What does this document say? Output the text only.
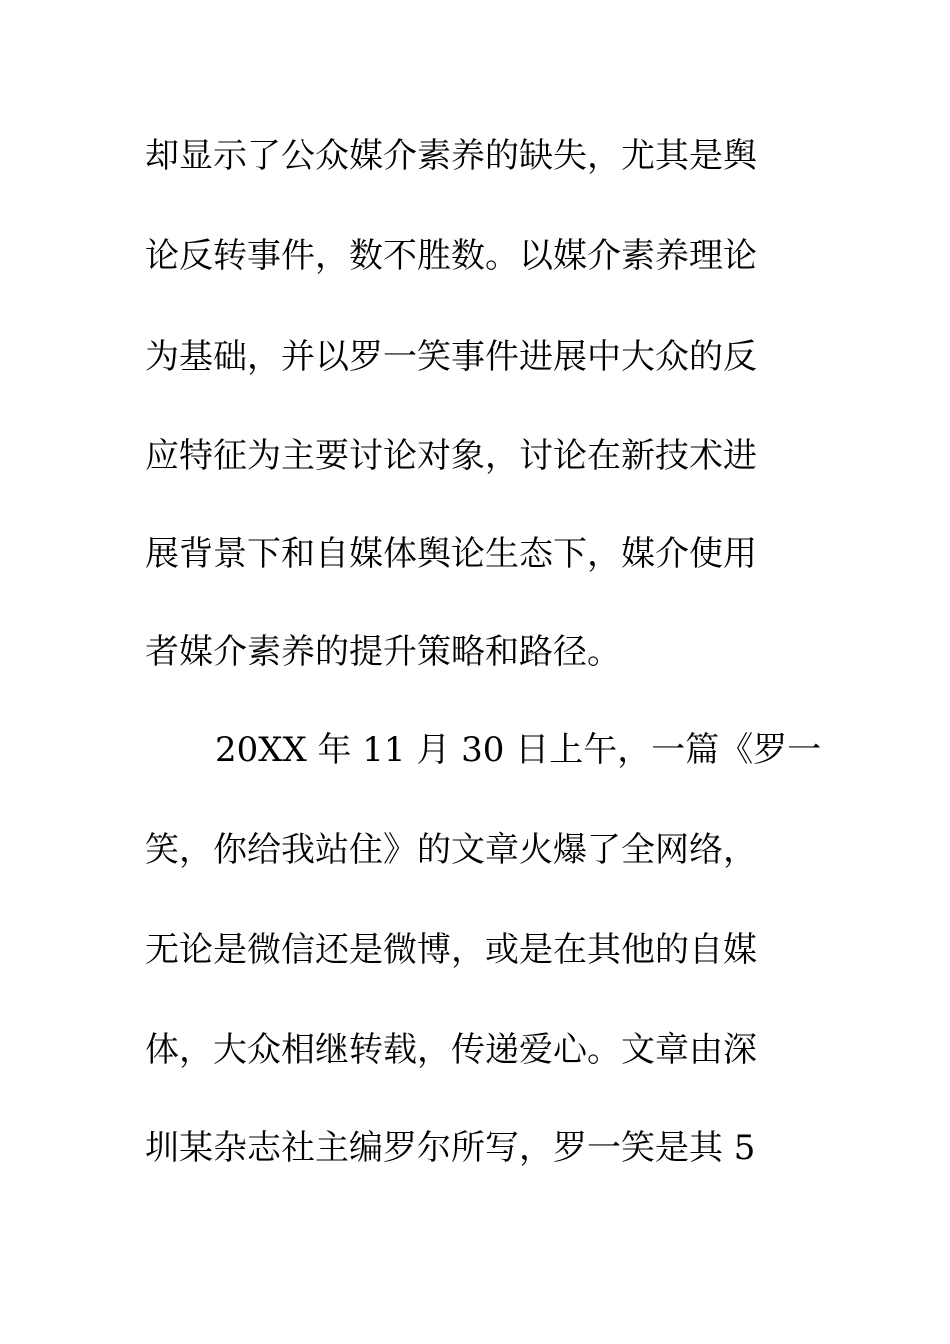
却显示了公众媒介素养的缺失，尤其是舆
论反转事件，数不胜数。以媒介素养理论
为基础，并以罗一笑事件进展中大众的反
应特征为主要讨论对象，讨论在新技术进
展背景下和自媒体舆论生态下，媒介使用
者媒介素养的提升策略和路径。
20XX 年 11 月 30 日上午，一篇《罗一
笑，你给我站住》的文章火爆了全网络，
无论是微信还是微博，或是在其他的自媒
体，大众相继转载，传递爱心。文章由深
圳某杂志社主编罗尔所写，罗一笑是其 5
